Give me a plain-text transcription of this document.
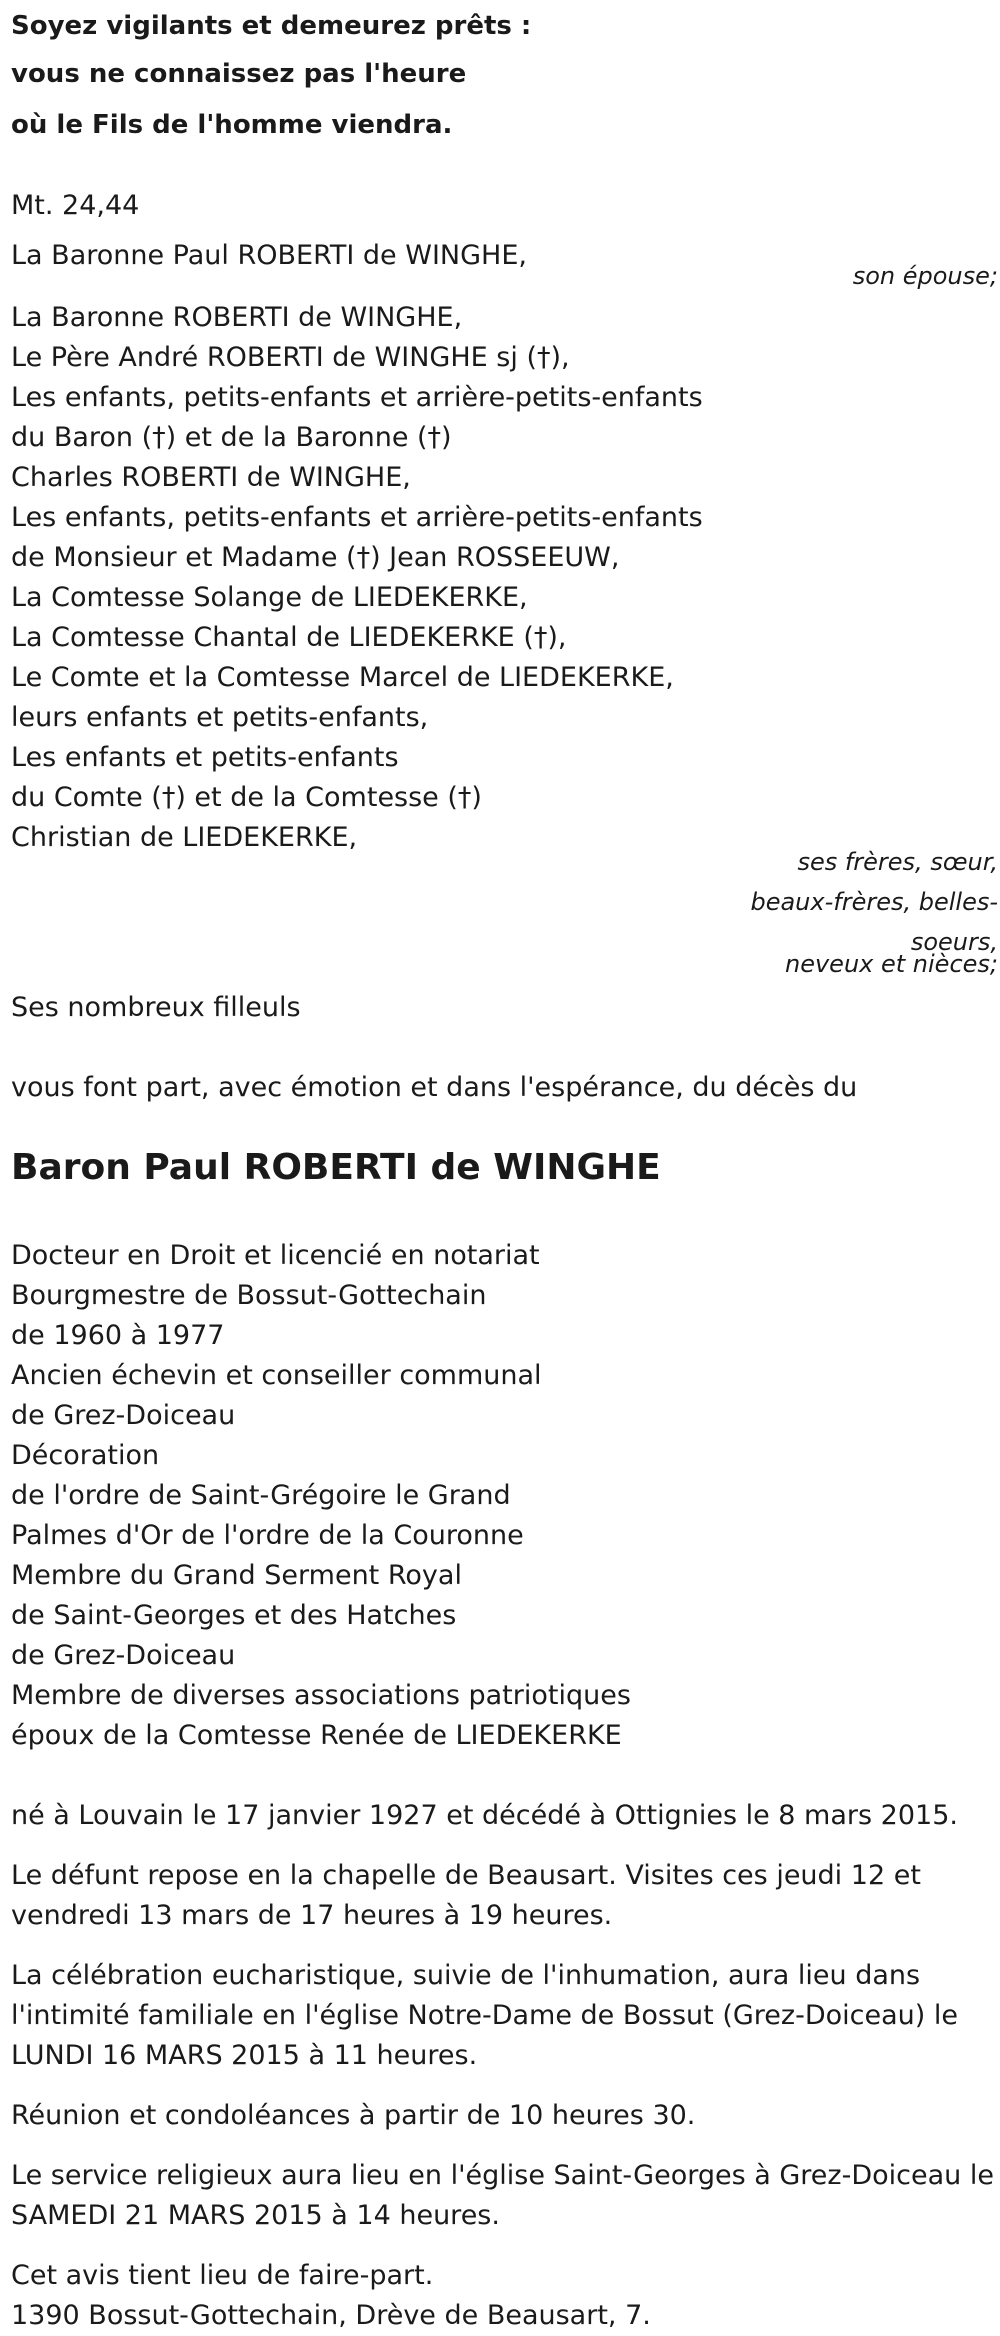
Soyez vigilants et demeurez prêts :
vous ne connaissez pas l'heure
où le Fils de l'homme viendra.
Mt. 24,44
La Baronne Paul ROBERTI de WINGHE,
son épouse;
La Baronne ROBERTI de WINGHE,
Le Père André ROBERTI de WINGHE sj (†),
Les enfants, petits-enfants et arrière-petits-enfants
du Baron (†) et de la Baronne (†)
Charles ROBERTI de WINGHE,
Les enfants, petits-enfants et arrière-petits-enfants
de Monsieur et Madame (†) Jean ROSSEEUW,
La Comtesse Solange de LIEDEKERKE,
La Comtesse Chantal de LIEDEKERKE (†),
Le Comte et la Comtesse Marcel de LIEDEKERKE,
leurs enfants et petits-enfants,
Les enfants et petits-enfants
du Comte (†) et de la Comtesse (†)
Christian de LIEDEKERKE,
ses frères, sœur,
beaux-frères, belles-
soeurs,
neveux et nièces;
Ses nombreux filleuls
vous font part, avec émotion et dans l'espérance, du décès du
Baron Paul ROBERTI de WINGHE
Docteur en Droit et licencié en notariat
Bourgmestre de Bossut-Gottechain
de 1960 à 1977
Ancien échevin et conseiller communal
de Grez-Doiceau
Décoration
de l'ordre de Saint-Grégoire le Grand
Palmes d'Or de l'ordre de la Couronne
Membre du Grand Serment Royal
de Saint-Georges et des Hatches
de Grez-Doiceau
Membre de diverses associations patriotiques
époux de la Comtesse Renée de LIEDEKERKE
né à Louvain le 17 janvier 1927 et décédé à Ottignies le 8 mars 2015.
Le défunt repose en la chapelle de Beausart. Visites ces jeudi 12 et
vendredi 13 mars de 17 heures à 19 heures.
La célébration eucharistique, suivie de l'inhumation, aura lieu dans
l'intimité familiale en l'église Notre-Dame de Bossut (Grez-Doiceau) le
LUNDI 16 MARS 2015 à 11 heures.
Réunion et condoléances à partir de 10 heures 30.
Le service religieux aura lieu en l'église Saint-Georges à Grez-Doiceau le
SAMEDI 21 MARS 2015 à 14 heures.
Cet avis tient lieu de faire-part.
1390 Bossut-Gottechain, Drève de Beausart, 7.
